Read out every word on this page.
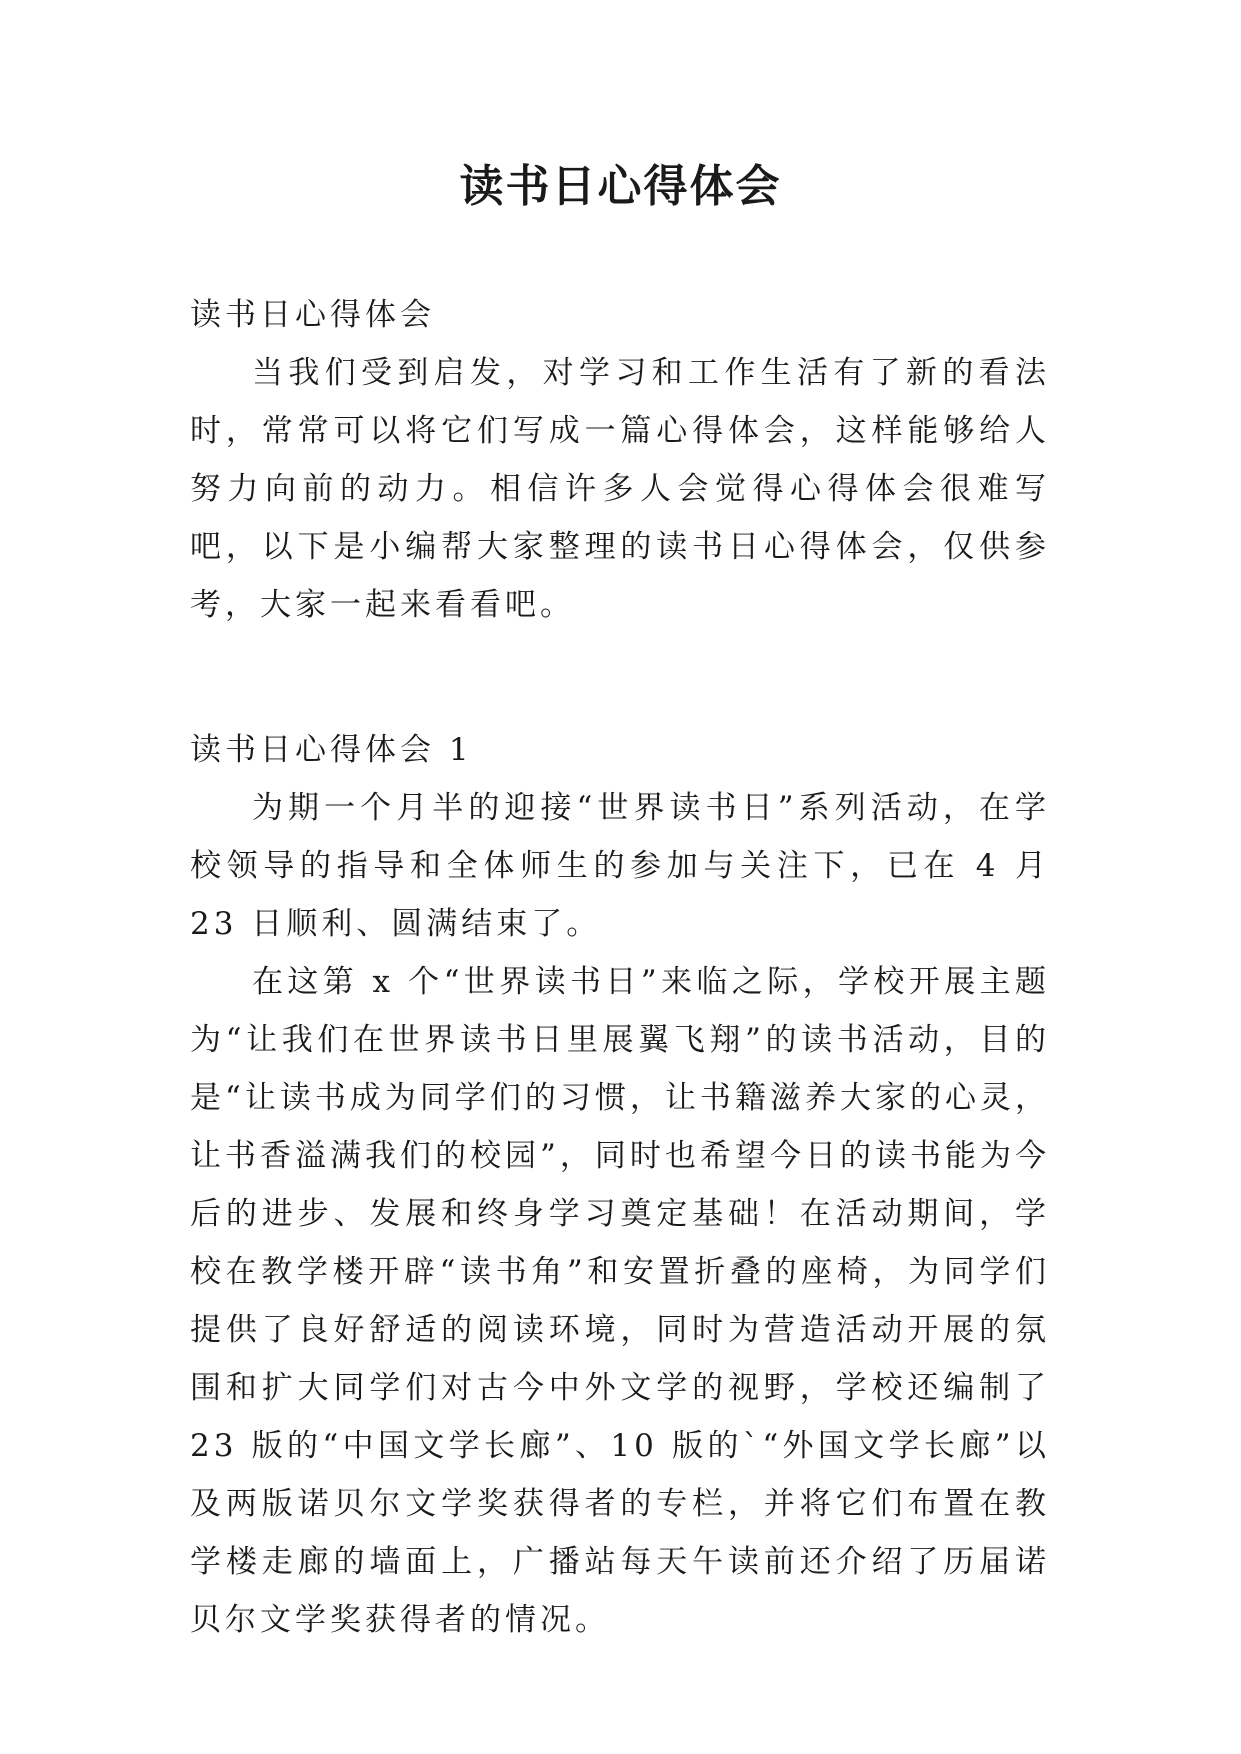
读书日心得体会

读书日心得体会

当我们受到启发，对学习和工作生活有了新的看法时，常常可以将它们写成一篇心得体会，这样能够给人努力向前的动力。相信许多人会觉得心得体会很难写吧，以下是小编帮大家整理的读书日心得体会，仅供参考，大家一起来看看吧。

读书日心得体会 1

为期一个月半的迎接“世界读书日”系列活动，在学校领导的指导和全体师生的参加与关注下，已在 4 月 23 日顺利、圆满结束了。

在这第 x 个“世界读书日”来临之际，学校开展主题为“让我们在世界读书日里展翼飞翔”的读书活动，目的是“让读书成为同学们的习惯，让书籍滋养大家的心灵，让书香溢满我们的校园”，同时也希望今日的读书能为今后的进步、发展和终身学习奠定基础！在活动期间，学校在教学楼开辟“读书角”和安置折叠的座椅，为同学们提供了良好舒适的阅读环境，同时为营造活动开展的氛围和扩大同学们对古今中外文学的视野，学校还编制了 23 版的“中国文学长廊”、10 版的`“外国文学长廊”以及两版诺贝尔文学奖获得者的专栏，并将它们布置在教学楼走廊的墙面上，广播站每天午读前还介绍了历届诺贝尔文学奖获得者的情况。
